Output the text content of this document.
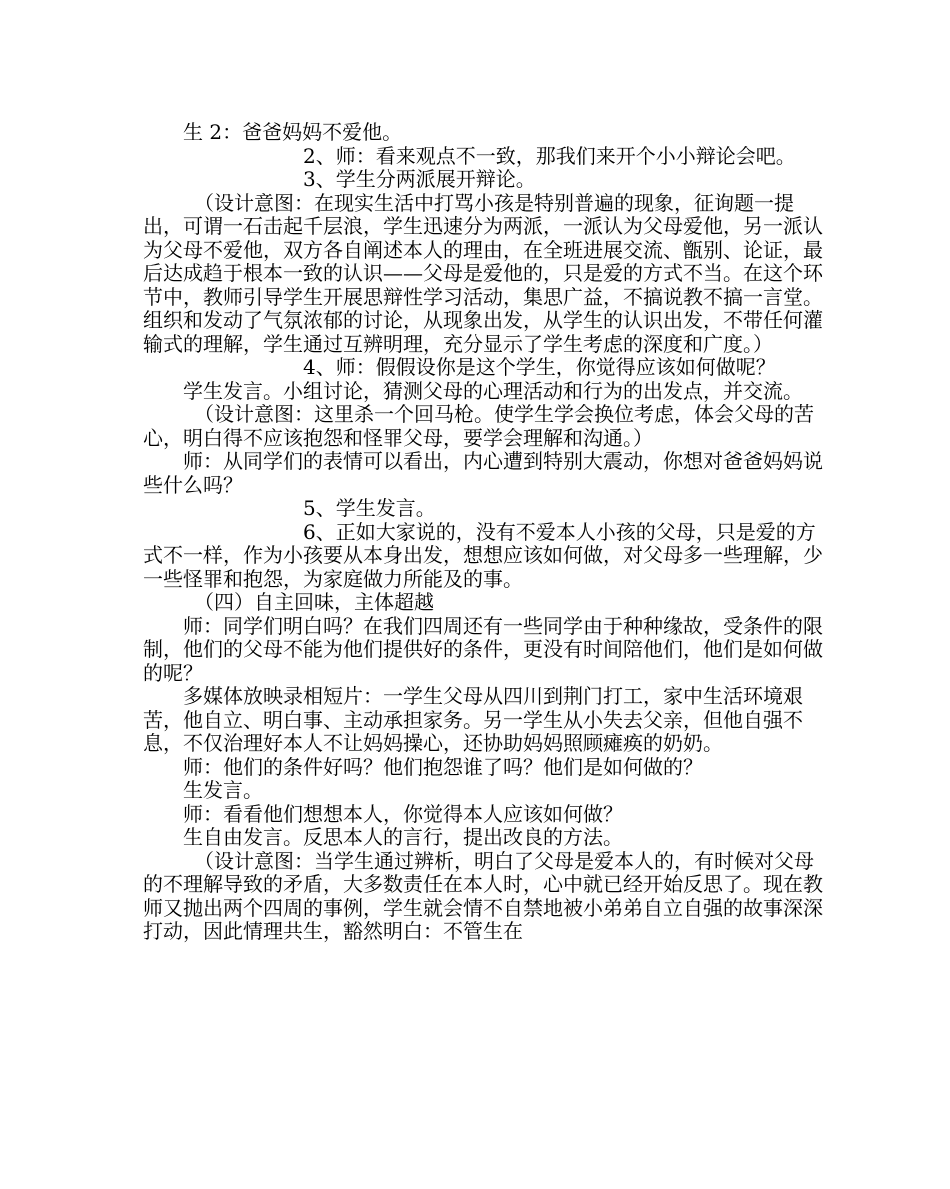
生 2：爸爸妈妈不爱他。

2、师：看来观点不一致，那我们来开个小小辩论会吧。

3、学生分两派展开辩论。

（设计意图：在现实生活中打骂小孩是特别普遍的现象，征询题一提出，可谓一石击起千层浪，学生迅速分为两派，一派认为父母爱他，另一派认为父母不爱他，双方各自阐述本人的理由，在全班进展交流、甑别、论证，最后达成趋于根本一致的认识——父母是爱他的，只是爱的方式不当。在这个环节中，教师引导学生开展思辩性学习活动，集思广益，不搞说教不搞一言堂。组织和发动了气氛浓郁的讨论，从现象出发，从学生的认识出发，不带任何灌输式的理解，学生通过互辨明理，充分显示了学生考虑的深度和广度。）

4、师：假假设你是这个学生，你觉得应该如何做呢？

学生发言。小组讨论，猜测父母的心理活动和行为的出发点，并交流。

（设计意图：这里杀一个回马枪。使学生学会换位考虑，体会父母的苦心，明白得不应该抱怨和怪罪父母，要学会理解和沟通。）

师：从同学们的表情可以看出，内心遭到特别大震动，你想对爸爸妈妈说些什么吗？

5、学生发言。

6、正如大家说的，没有不爱本人小孩的父母，只是爱的方式不一样，作为小孩要从本身出发，想想应该如何做，对父母多一些理解，少一些怪罪和抱怨，为家庭做力所能及的事。

（四）自主回味，主体超越

师：同学们明白吗？在我们四周还有一些同学由于种种缘故，受条件的限制，他们的父母不能为他们提供好的条件，更没有时间陪他们，他们是如何做的呢？

多媒体放映录相短片：一学生父母从四川到荆门打工，家中生活环境艰苦，他自立、明白事、主动承担家务。另一学生从小失去父亲，但他自强不息，不仅治理好本人不让妈妈操心，还协助妈妈照顾瘫痪的奶奶。

师：他们的条件好吗？他们抱怨谁了吗？他们是如何做的？

生发言。

师：看看他们想想本人，你觉得本人应该如何做？

生自由发言。反思本人的言行，提出改良的方法。

（设计意图：当学生通过辨析，明白了父母是爱本人的，有时候对父母的不理解导致的矛盾，大多数责任在本人时，心中就已经开始反思了。现在教师又抛出两个四周的事例，学生就会情不自禁地被小弟弟自立自强的故事深深打动，因此情理共生，豁然明白：不管生在
